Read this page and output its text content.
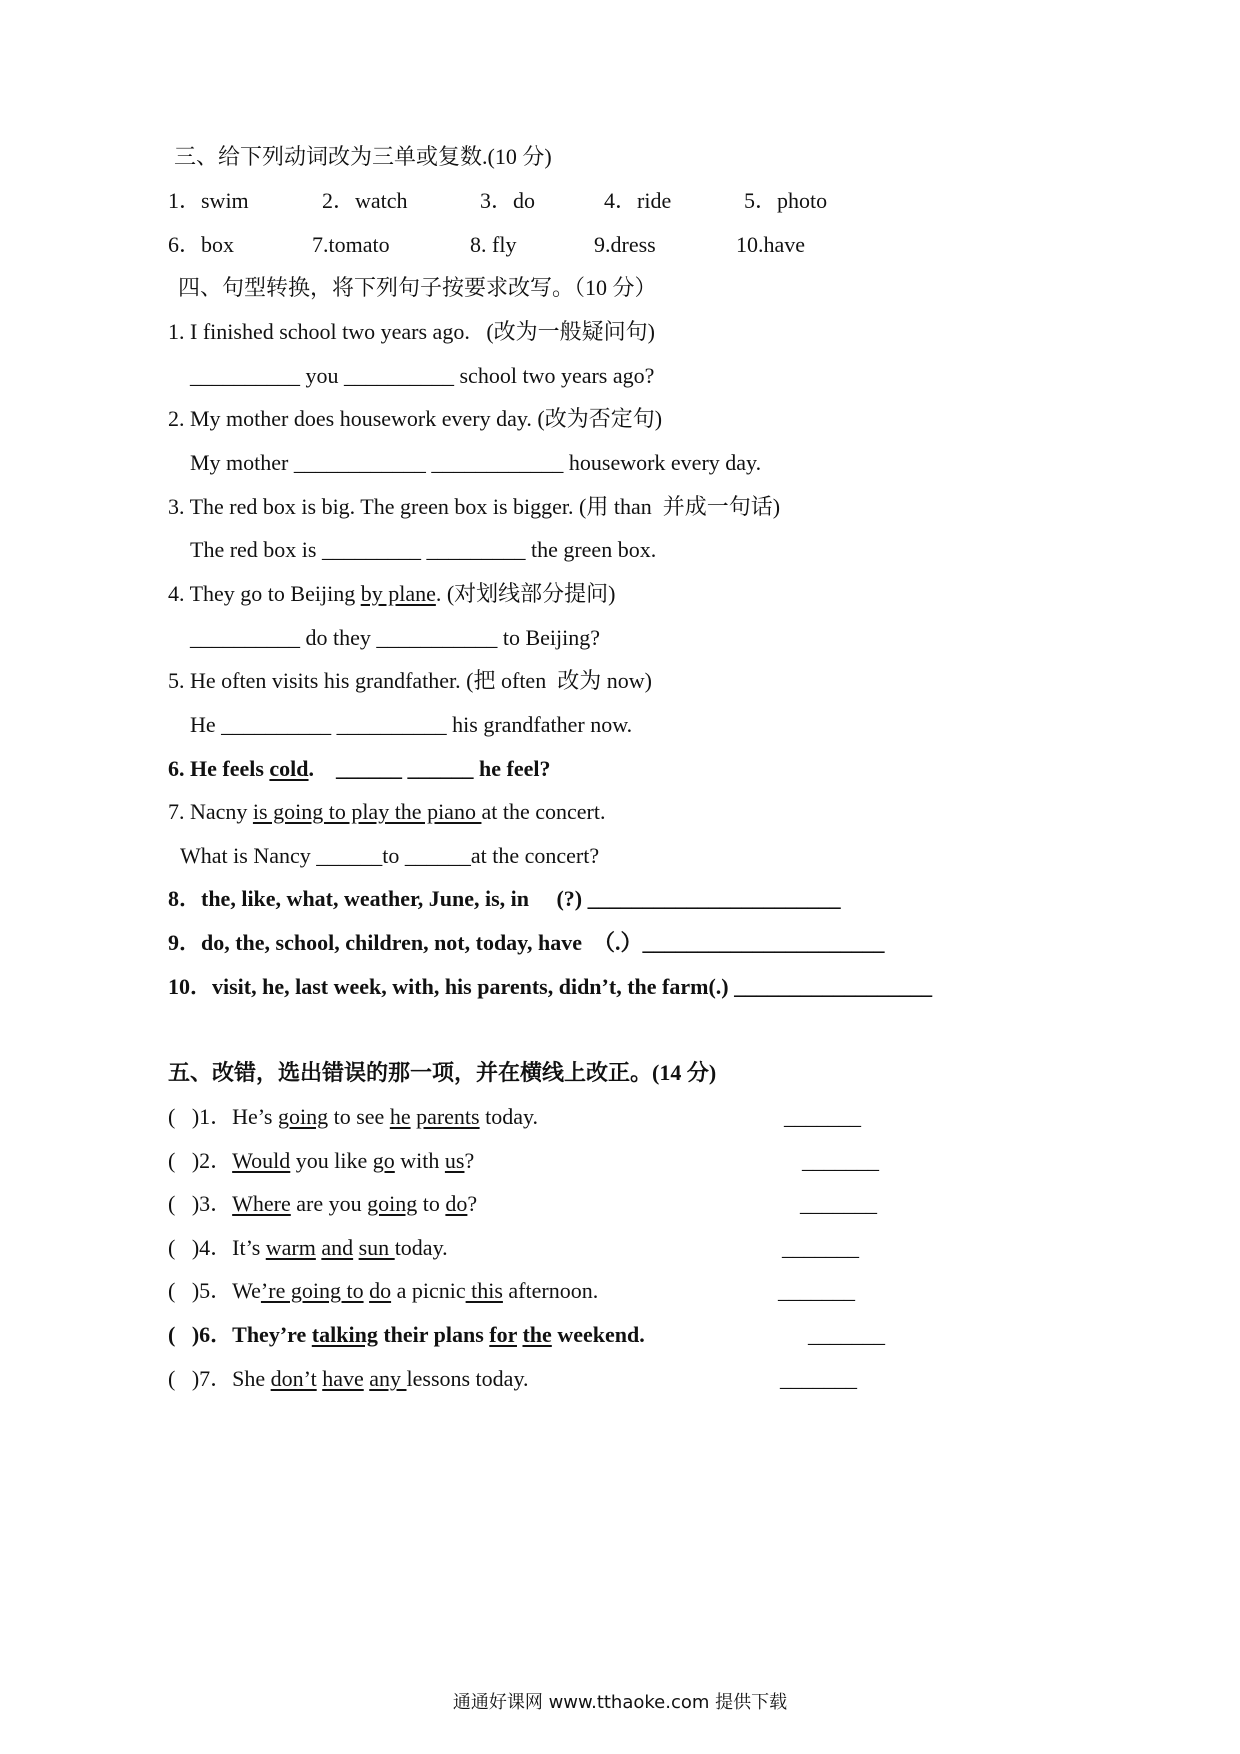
三、给下列动词改为三单或复数.(10 分)
1．swim	2．watch	3．do	4．ride	5．photo
6．box	7.tomato	8. fly	9.dress	10.have
四、句型转换，将下列句子按要求改写。（10 分）
1. I finished school two years ago.   (改为一般疑问句)
__________ you __________ school two years ago?
2. My mother does housework every day. (改为否定句)
My mother ____________ ____________ housework every day.
3. The red box is big. The green box is bigger. (用 than  并成一句话)
The red box is _________ _________ the green box.
4. They go to Beijing by plane. (对划线部分提问)
__________ do they ___________ to Beijing?
5. He often visits his grandfather. (把 often  改为 now)
He __________ __________ his grandfather now.
6. He feels cold.    ______ ______ he feel?
7. Nacny is going to play the piano at the concert.
What is Nancy ______to ______at the concert?
8．the, like, what, weather, June, is, in     (?) _______________________
9．do, the, school, children, not, today, have  （.）______________________
10．visit, he, last week, with, his parents, didn’t, the farm(.) __________________
五、改错，选出错误的那一项，并在横线上改正。(14 分)
(   )1．He’s going to see he parents today.	_______
(   )2．Would you like go with us?	_______
(   )3．Where are you going to do?	_______
(   )4．It’s warm and sun today.	_______
(   )5．We’re going to do a picnic this afternoon.	_______
(   )6．They’re talking their plans for the weekend.	_______
(   )7．She don’t have any lessons today.	_______
通通好课网 www.tthaoke.com 提供下载
